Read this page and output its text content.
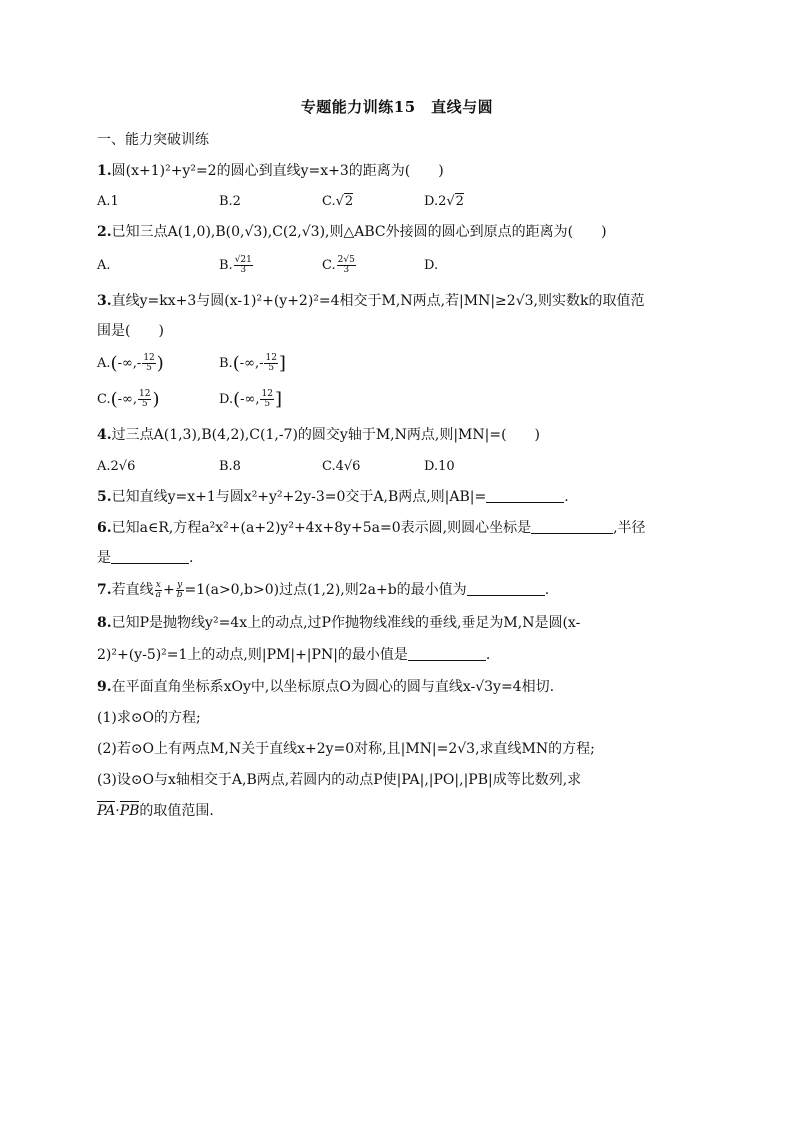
专题能力训练15　直线与圆
一、能力突破训练
1.圆(x+1)²+y²=2的圆心到直线y=x+3的距离为(　　)
A.1	B.2	C.√2	D.2√2
2.已知三点A(1,0),B(0,√3),C(2,√3),则△ABC外接圆的圆心到原点的距离为(　　)
A.	B. $\frac{√21}{3}$	C. $\frac{2√5}{3}$	D.
3.直线y=kx+3与圆(x-1)²+(y+2)²=4相交于M,N两点,若|MN|≥2√3,则实数k的取值范
围是(　　)
$A.(-\infty,- \frac{12}{5}$ )	$B.(-\infty,- \frac{12}{5}$ ]
C.(-∞, $\frac{12}{5}$ )	D.(-∞, $\frac{12}{5}$ ]
4.过三点A(1,3),B(4,2),C(1,-7)的圆交y轴于M,N两点,则|MN|=(　　)
A.2√6	B.8	C.4√6	D.10
5.已知直线y=x+1与圆x²+y²+2y-3=0交于A,B两点,则|AB|=	.
6.已知a∈R,方程a²x²+(a+2)y²+4x+8y+5a=0表示圆,则圆心坐标是	,半径
是	.
7.若直线 $\frac{x}{a} + \frac{y}{b} =1(a>0,b>0)$过点(1,2),则2a+b的最小值为	.
8.已知P是抛物线y²=4x上的动点,过P作抛物线准线的垂线,垂足为M,N是圆(x-
2)²+(y-5)²=1上的动点,则|PM|+|PN|的最小值是	.
9.在平面直角坐标系xOy中,以坐标原点O为圆心的圆与直线x-√3y=4相切.
(1)求⊙O的方程;
(2)若⊙O上有两点M,N关于直线x+2y=0对称,且|MN|=2√3,求直线MN的方程;
(3)设⊙O与x轴相交于A,B两点,若圆内的动点P使|PA|,|PO|,|PB|成等比数列,求
PA·PB的取值范围.
